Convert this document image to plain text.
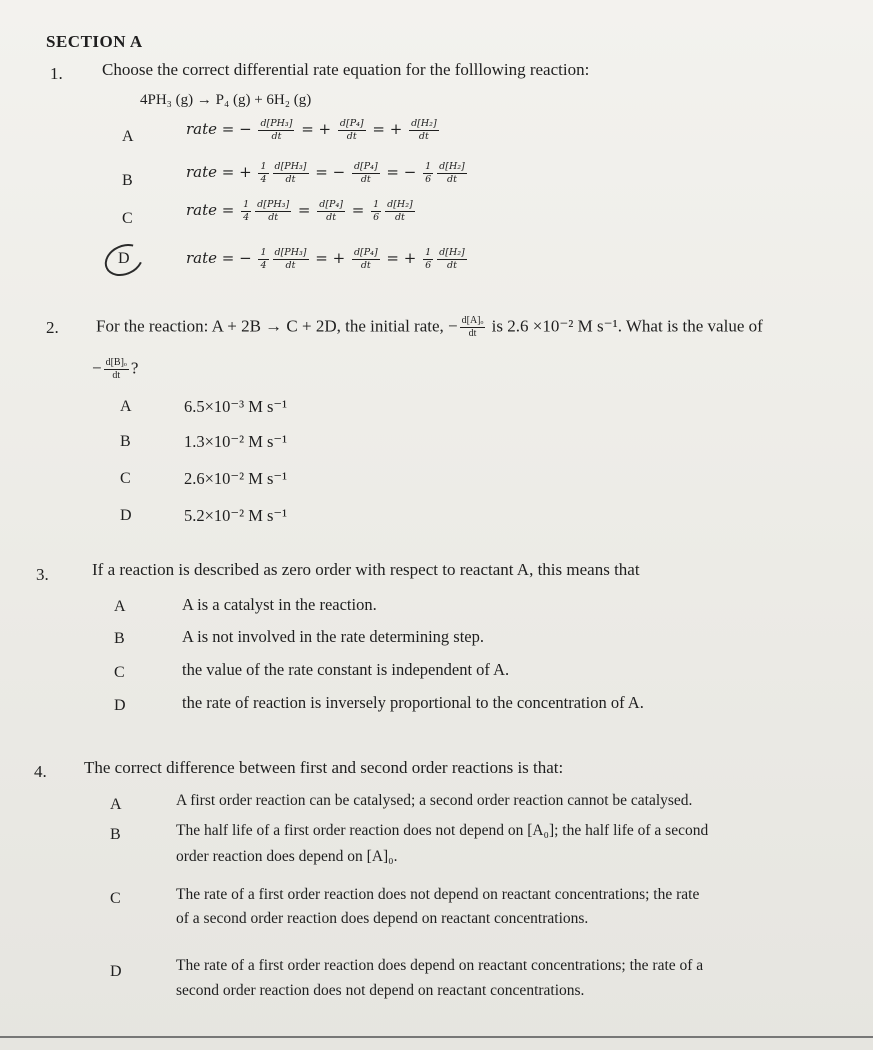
SECTION A
1. Choose the correct differential rate equation for the folllowing reaction:
4PH₃ (g) → P₄ (g) + 6H₂ (g)
A	rate = − $\frac{\text{d[PH₃]}}{dt}$ = + $\frac{\text{d[P₄]}}{dt}$ = + $\frac{\text{d[H₂]}}{dt}$
B	rate = + $\frac{1}{4} \frac{\text{d[PH₃]}}{dt}$ = − $\frac{\text{d[P₄]}}{dt}$ = − $\frac{1}{6} \frac{\text{d[H₂]}}{dt}$
C	rate = $\frac{1}{4} \frac{\text{d[PH₃]}}{dt} = \frac{\text{d[P₄]}}{dt} = \frac{1}{6} \frac{\text{d[H₂]}}{dt}$
D	rate = − $\frac{1}{4} \frac{\text{d[PH₃]}}{dt}$ = + $\frac{\text{d[P₄]}}{dt}$ = + $\frac{1}{6} \frac{\text{d[H₂]}}{dt}$
2. For the reaction: A + 2B → C + 2D, the initial rate, − $\frac{\text{d[A]ₒ}}{dt}$ is 2.6 ×10⁻² M s⁻¹. What is the value of
− $\frac{\text{d[B]ₒ}}{dt}$ ?
A	6.5×10⁻³ M s⁻¹
B	1.3×10⁻² M s⁻¹
C	2.6×10⁻² M s⁻¹
D	5.2×10⁻² M s⁻¹
3.	If a reaction is described as zero order with respect to reactant A, this means that
A	A is a catalyst in the reaction.
B	A is not involved in the rate determining step.
C	the value of the rate constant is independent of A.
D	the rate of reaction is inversely proportional to the concentration of A.
4. The correct difference between first and second order reactions is that:
A	A first order reaction can be catalysed; a second order reaction cannot be catalysed.
B	The half life of a first order reaction does not depend on [A₀]; the half life of a second
order reaction does depend on [A]₀.
C	The rate of a first order reaction does not depend on reactant concentrations; the rate
of a second order reaction does depend on reactant concentrations.
D	The rate of a first order reaction does depend on reactant concentrations; the rate of a
second order reaction does not depend on reactant concentrations.
